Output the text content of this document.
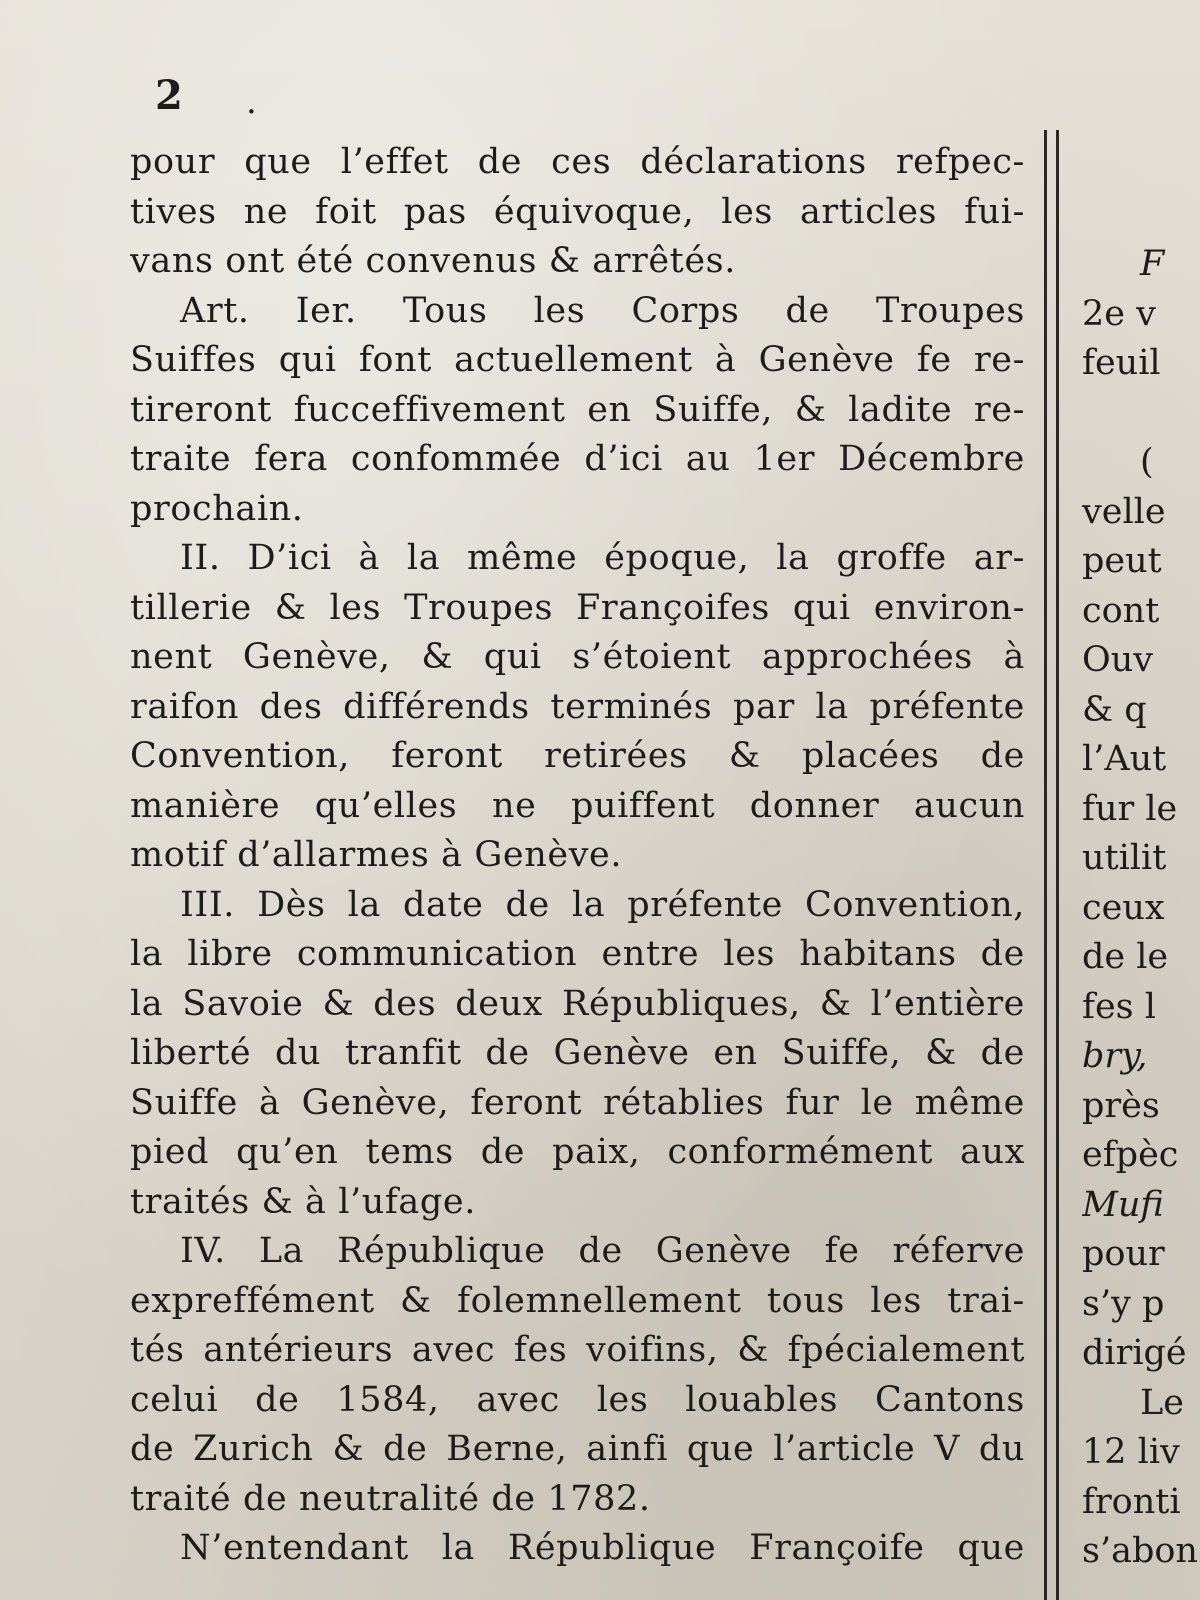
2 .
pour que l’effet de ces déclarations refpec-
tives ne foit pas équivoque, les articles fui-
vans ont été convenus & arrêtés.
Art. Ier. Tous les Corps de Troupes
Suiffes qui font actuellement à Genève fe re-
tireront fucceffivement en Suiffe, & ladite re-
traite fera confommée d’ici au 1er Décembre
prochain.
II. D’ici à la même époque, la groffe ar-
tillerie & les Troupes Françoifes qui environ-
nent Genève, & qui s’étoient approchées à
raifon des différends terminés par la préfente
Convention, feront retirées & placées de
manière qu’elles ne puiffent donner aucun
motif d’allarmes à Genève.
III. Dès la date de la préfente Convention,
la libre communication entre les habitans de
la Savoie & des deux Républiques, & l’entière
liberté du tranfit de Genève en Suiffe, & de
Suiffe à Genève, feront rétablies fur le même
pied qu’en tems de paix, conformément aux
traités & à l’ufage.
IV. La République de Genève fe réferve
expreffément & folemnellement tous les trai-
tés antérieurs avec fes voifins, & fpécialement
celui de 1584, avec les louables Cantons
de Zurich & de Berne, ainfi que l’article V du
traité de neutralité de 1782.
N’entendant la République Françoife que
F
2e v
feuil
(
velle
peut
cont
Ouv
& q
l’Aut
fur le
utilit
ceux
de le
fes l
bry,
près
efpèc
Mufi
pour
s’y p
dirigé
Le
12 liv
fronti
s’abon
